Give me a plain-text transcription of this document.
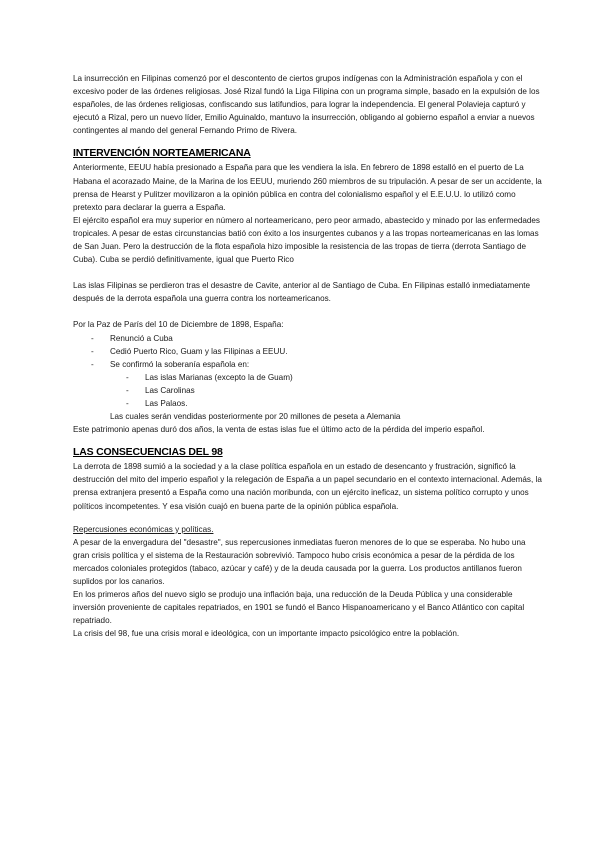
La insurrección en Filipinas comenzó por el descontento de ciertos grupos indígenas con la Administración española y con el excesivo poder de las órdenes religiosas. José Rizal fundó la Liga Filipina con un programa simple, basado en la expulsión de los españoles, de las órdenes religiosas, confiscando sus latifundios, para lograr la independencia. El general Polavieja capturó y ejecutó a Rizal, pero un nuevo líder, Emilio Aguinaldo, mantuvo la insurrección, obligando al gobierno español a enviar a nuevos contingentes al mando del general Fernando Primo de Rivera.

INTERVENCIÓN NORTEAMERICANA

Anteriormente, EEUU había presionado a España para que les vendiera la isla. En febrero de 1898 estalló en el puerto de La Habana el acorazado Maine, de la Marina de los EEUU, muriendo 260 miembros de su tripulación. A pesar de ser un accidente, la prensa de Hearst y Pulitzer movilizaron a la opinión pública en contra del colonialismo español y el E.E.U.U. lo utilizó como pretexto para declarar la guerra a España.

El ejército español era muy superior en número al norteamericano, pero peor armado, abastecido y minado por las enfermedades tropicales. A pesar de estas circunstancias batió con éxito a los insurgentes cubanos y a las tropas norteamericanas en las lomas de San Juan. Pero la destrucción de la flota española hizo imposible la resistencia de las tropas de tierra (derrota Santiago de Cuba). Cuba se perdió definitivamente, igual que Puerto Rico

Las islas Filipinas se perdieron tras el desastre de Cavite, anterior al de Santiago de Cuba. En Filipinas estalló inmediatamente después de la derrota española una guerra contra los norteamericanos.

Por la Paz de París del 10 de Diciembre de 1898, España:

- Renunció a Cuba
- Cedió Puerto Rico, Guam y las Filipinas a EEUU.
- Se confirmó la soberanía española en:
- Las islas Marianas (excepto la de Guam)
- Las Carolinas
- Las Palaos.

Las cuales serán vendidas posteriormente por 20 millones de peseta a Alemania

Este patrimonio apenas duró dos años, la venta de estas islas fue el último acto de la pérdida del imperio español.

LAS CONSECUENCIAS DEL 98

La derrota de 1898 sumió a la sociedad y a la clase política española en un estado de desencanto y frustración, significó la destrucción del mito del imperio español y la relegación de España a un papel secundario en el contexto internacional. Además, la prensa extranjera presentó a España como una nación moribunda, con un ejército ineficaz, un sistema político corrupto y unos políticos incompetentes. Y esa visión cuajó en buena parte de la opinión pública española.

Repercusiones económicas y políticas.

A pesar de la envergadura del "desastre", sus repercusiones inmediatas fueron menores de lo que se esperaba. No hubo una gran crisis política y el sistema de la Restauración sobrevivió. Tampoco hubo crisis económica a pesar de la pérdida de los mercados coloniales protegidos (tabaco, azúcar y café) y de la deuda causada por la guerra. Los productos antillanos fueron suplidos por los canarios.

En los primeros años del nuevo siglo se produjo una inflación baja, una reducción de la Deuda Pública y una considerable inversión proveniente de capitales repatriados, en 1901 se fundó el Banco Hispanoamericano y el Banco Atlántico con capital repatriado.

La crisis del 98, fue una crisis moral e ideológica, con un importante impacto psicológico entre la población.
